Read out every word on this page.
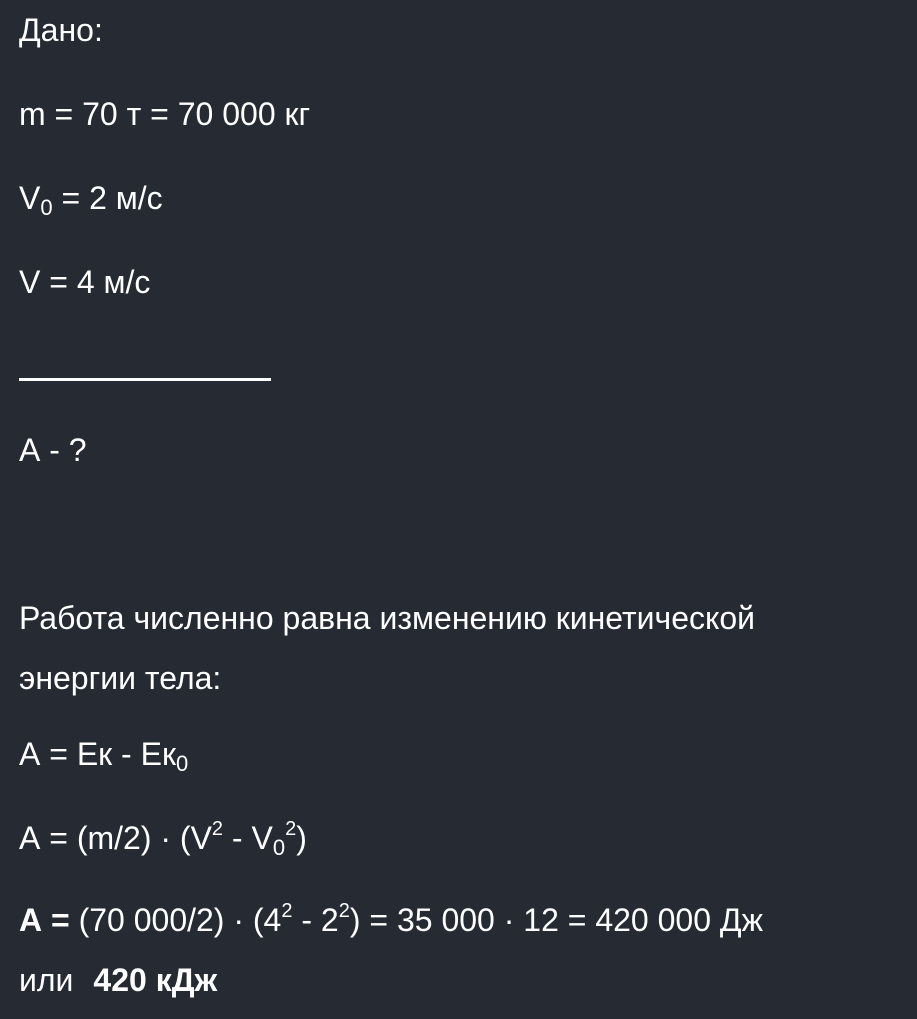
Дано:
m = 70 т = 70 000 кг
$V_0 = 2$ м/с
V = 4 м/с
А - ?
Работа численно равна изменению кинетической
энергии тела:
А = Eк - $Eк_0$
$А = (m/2) \cdot (V^2 - V_0^2)$
А = (70 $000/2) \cdot (4^2 - 2^2) = 35$ 000 · 12 = 420 000 Дж
или 420 кДж
